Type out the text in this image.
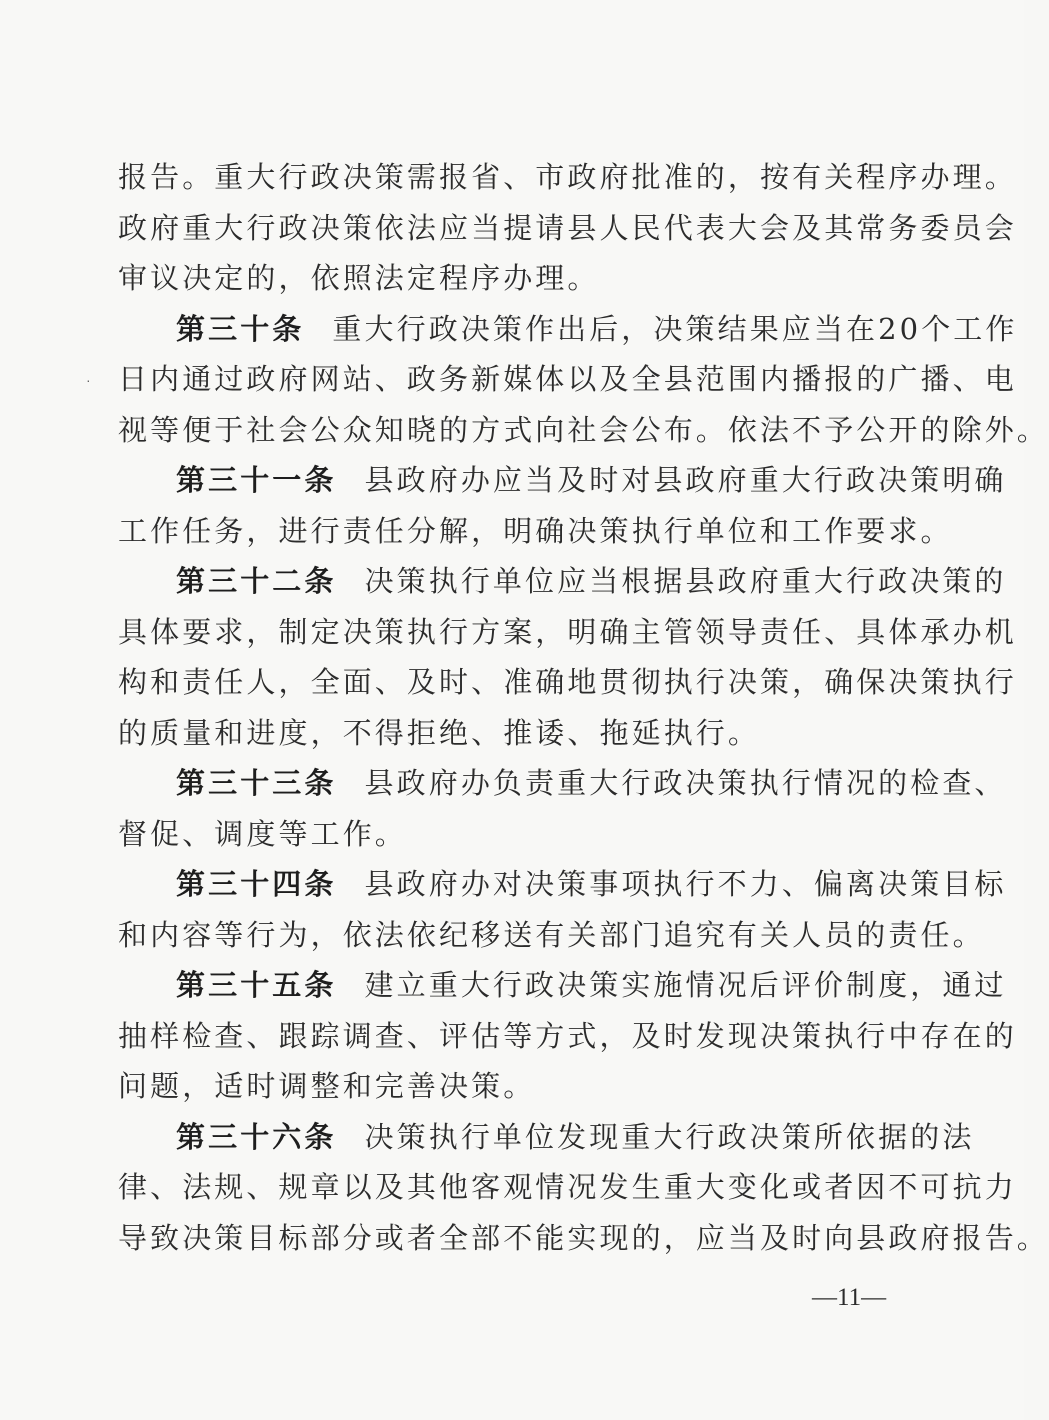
·
报告。重大行政决策需报省、市政府批准的，按有关程序办理。
政府重大行政决策依法应当提请县人民代表大会及其常务委员会
审议决定的，依照法定程序办理。
第三十条 重大行政决策作出后，决策结果应当在20个工作
日内通过政府网站、政务新媒体以及全县范围内播报的广播、电
视等便于社会公众知晓的方式向社会公布。依法不予公开的除外。
第三十一条 县政府办应当及时对县政府重大行政决策明确
工作任务，进行责任分解，明确决策执行单位和工作要求。
第三十二条 决策执行单位应当根据县政府重大行政决策的
具体要求，制定决策执行方案，明确主管领导责任、具体承办机
构和责任人，全面、及时、准确地贯彻执行决策，确保决策执行
的质量和进度，不得拒绝、推诿、拖延执行。
第三十三条 县政府办负责重大行政决策执行情况的检查、
督促、调度等工作。
第三十四条 县政府办对决策事项执行不力、偏离决策目标
和内容等行为，依法依纪移送有关部门追究有关人员的责任。
第三十五条 建立重大行政决策实施情况后评价制度，通过
抽样检查、跟踪调查、评估等方式，及时发现决策执行中存在的
问题，适时调整和完善决策。
第三十六条 决策执行单位发现重大行政决策所依据的法
律、法规、规章以及其他客观情况发生重大变化或者因不可抗力
导致决策目标部分或者全部不能实现的，应当及时向县政府报告。
—11—
